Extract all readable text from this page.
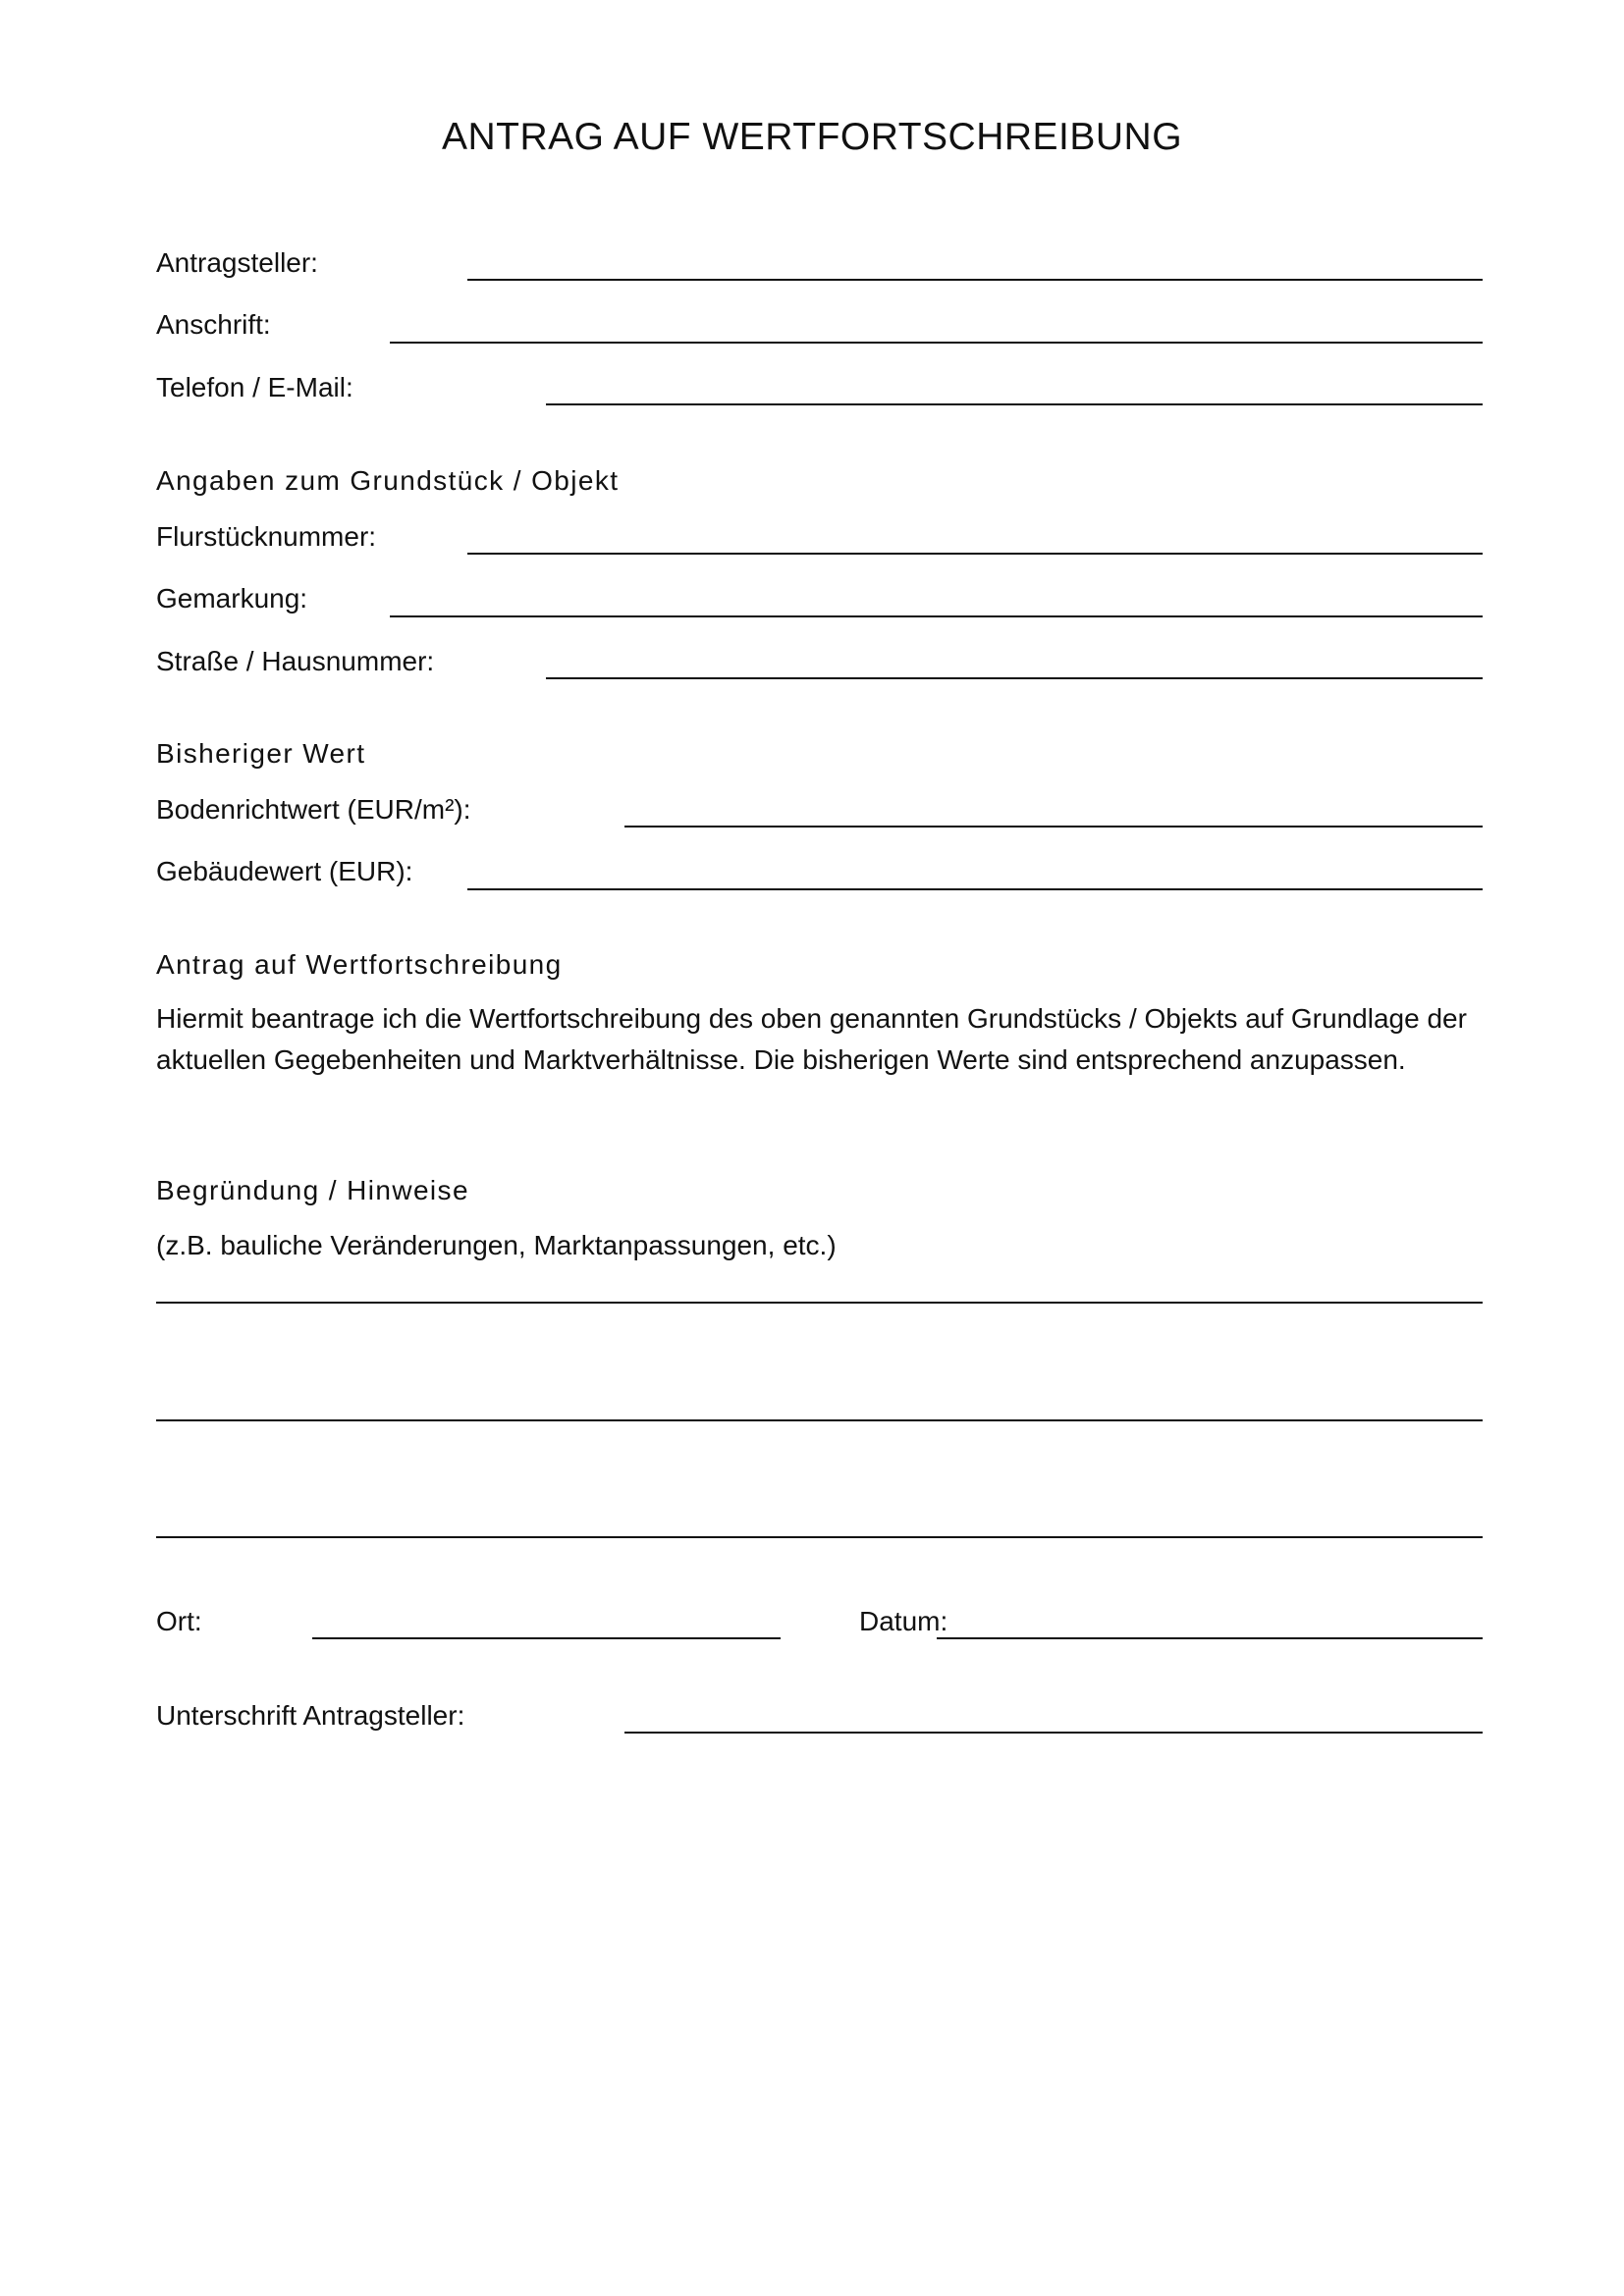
ANTRAG AUF WERTFORTSCHREIBUNG
Antragsteller:
Anschrift:
Telefon / E-Mail:
Angaben zum Grundstück / Objekt
Flurstücknummer:
Gemarkung:
Straße / Hausnummer:
Bisheriger Wert
Bodenrichtwert (EUR/m²):
Gebäudewert (EUR):
Antrag auf Wertfortschreibung

Hiermit beantrage ich die Wertfortschreibung des oben genannten Grundstücks / Objekts auf Grundlage der aktuellen Gegebenheiten und Marktverhältnisse. Die bisherigen Werte sind entsprechend anzupassen.

Begründung / Hinweise
(z.B. bauliche Veränderungen, Marktanpassungen, etc.)
Ort:	Datum:
Unterschrift Antragsteller:
